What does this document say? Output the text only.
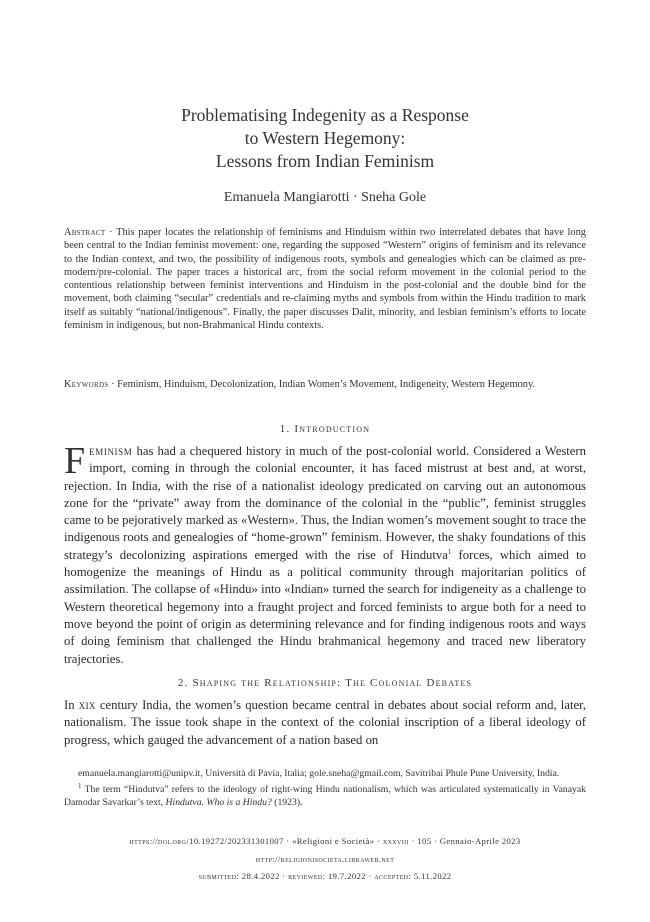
Problematising Indegenity as a Response
to Western Hegemony:
Lessons from Indian Feminism
Emanuela Mangiarotti · Sneha Gole
Abstract · This paper locates the relationship of feminisms and Hinduism within two interrelated debates that have long been central to the Indian feminist movement: one, regarding the supposed “Western” origins of feminism and its relevance to the Indian context, and two, the possibility of indigenous roots, symbols and genealogies which can be claimed as pre-modern/pre-colonial. The paper traces a historical arc, from the social reform movement in the colonial period to the contentious relationship between feminist interventions and Hinduism in the post-colonial and the double bind for the movement, both claiming “secular” credentials and re-claiming myths and symbols from within the Hindu tradition to mark itself as suitably “national/indigenous”. Finally, the paper discusses Dalit, minority, and lesbian feminism’s efforts to locate feminism in indigenous, but non-Brahmanical Hindu contexts.
Keywords · Feminism, Hinduism, Decolonization, Indian Women’s Movement, Indigeneity, Western Hegemony.
1. Introduction
Feminism has had a chequered history in much of the post-colonial world. Considered a Western import, coming in through the colonial encounter, it has faced mistrust at best and, at worst, rejection. In India, with the rise of a nationalist ideology predicated on carving out an autonomous zone for the “private” away from the dominance of the colonial in the “public”, feminist struggles came to be pejoratively marked as «Western». Thus, the Indian women’s movement sought to trace the indigenous roots and genealogies of “home-grown” feminism. However, the shaky foundations of this strategy’s decolonizing aspirations emerged with the rise of Hindutva$^1$ forces, which aimed to homogenize the meanings of Hindu as a political community through majoritarian politics of assimilation. The collapse of «Hindu» into «Indian» turned the search for indigeneity as a challenge to Western theoretical hegemony into a fraught project and forced feminists to argue both for a need to move beyond the point of origin as determining relevance and for finding indigenous roots and ways of doing feminism that challenged the Hindu brahmanical hegemony and traced new liberatory trajectories.
2. Shaping the Relationship: The Colonial Debates
In xix century India, the women’s question became central in debates about social reform and, later, nationalism. The issue took shape in the context of the colonial inscription of a liberal ideology of progress, which gauged the advancement of a nation based on
emanuela.mangiarotti@unipv.it, Università di Pavia, Italia; gole.sneha@gmail.com, Savitribai Phule Pune University, India.
$^1$ The term “Hindutva” refers to the ideology of right-wing Hindu nationalism, which was articulated systematically in Vanayak Damodar Savarkar’s text, Hindutva. Who is a Hindu? (1923).
https://doi.org/10.19272/202331301007 · «Religioni e Società» · xxxviii · 105 · Gennaio-Aprile 2023
http://religionisocieta.libraweb.net
submitted: 28.4.2022 · reviewed: 19.7.2022 · accepted: 5.11.2022
